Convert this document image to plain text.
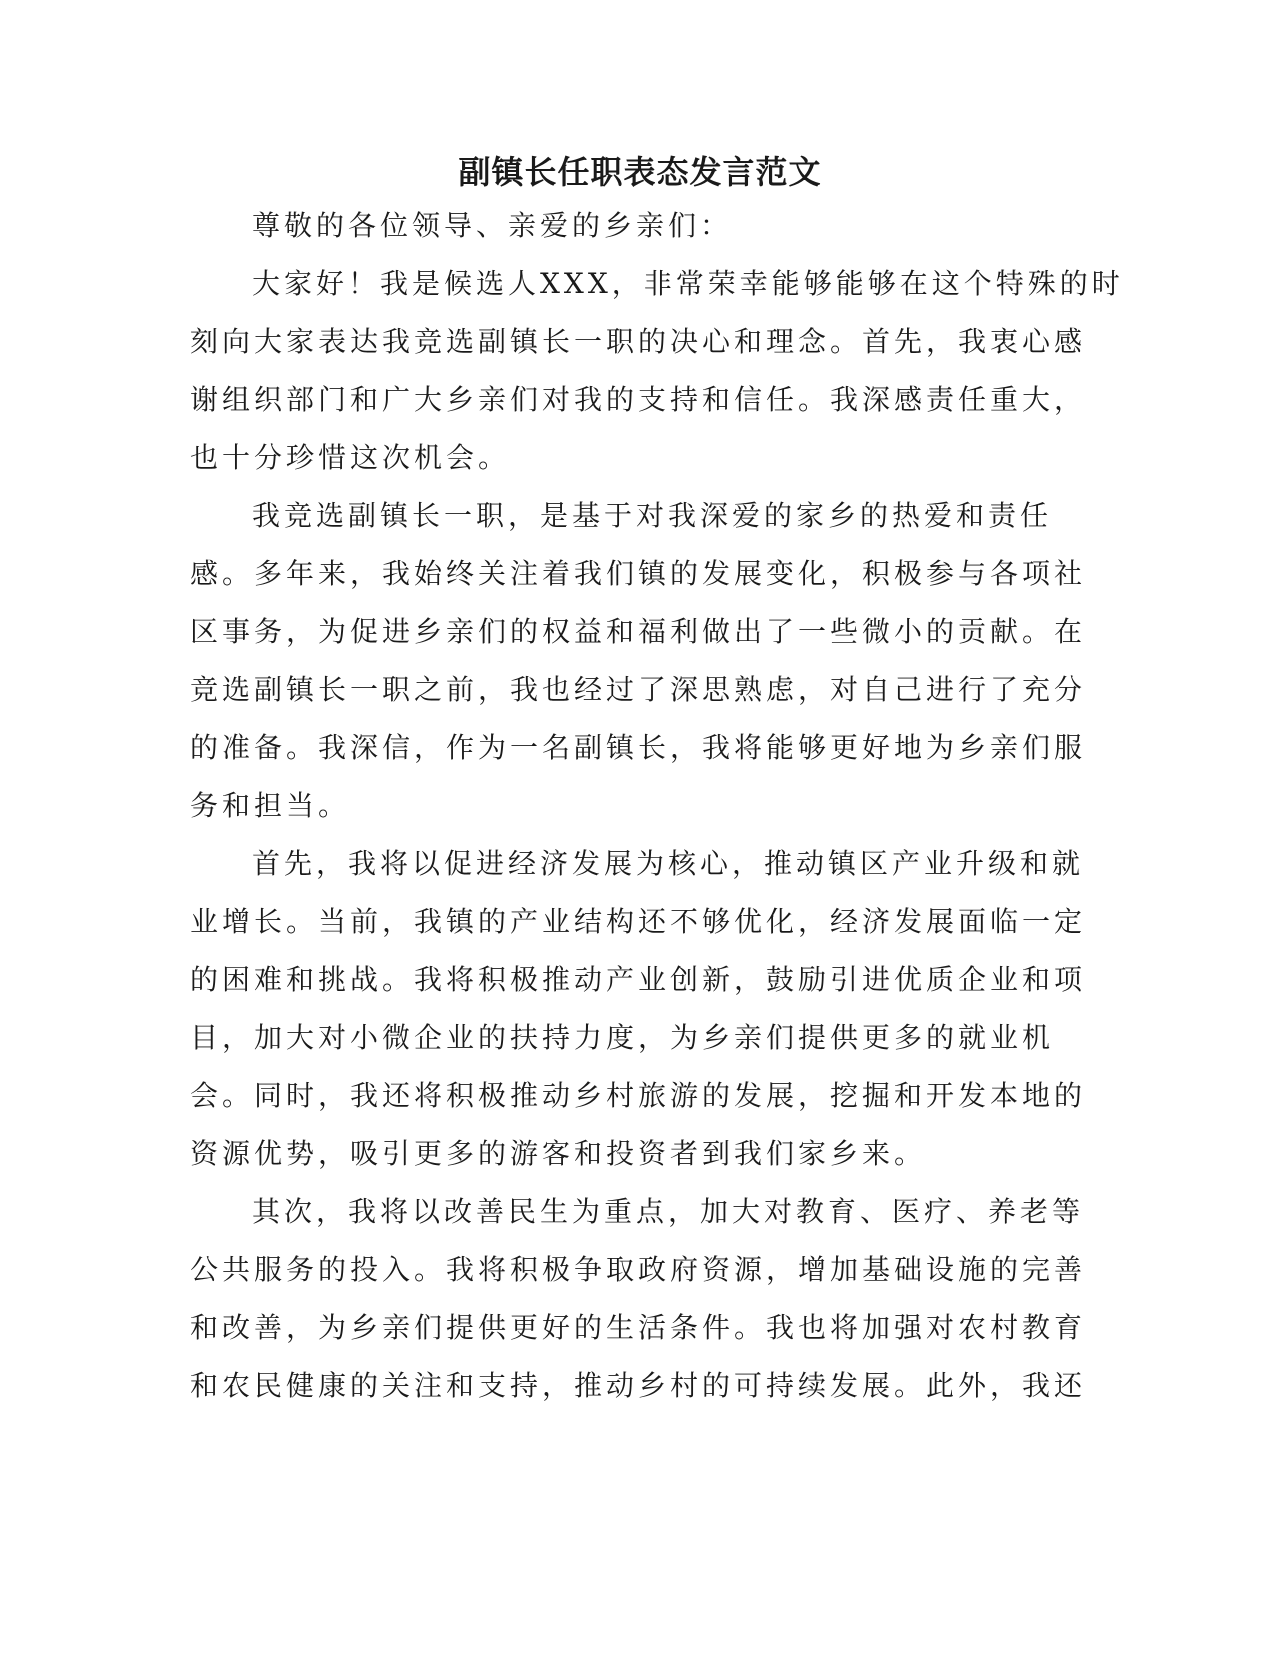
副镇长任职表态发言范文
尊敬的各位领导、亲爱的乡亲们：
大家好！我是候选人XXX，非常荣幸能够能够在这个特殊的时
刻向大家表达我竞选副镇长一职的决心和理念。首先，我衷心感
谢组织部门和广大乡亲们对我的支持和信任。我深感责任重大，
也十分珍惜这次机会。
我竞选副镇长一职，是基于对我深爱的家乡的热爱和责任
感。多年来，我始终关注着我们镇的发展变化，积极参与各项社
区事务，为促进乡亲们的权益和福利做出了一些微小的贡献。在
竞选副镇长一职之前，我也经过了深思熟虑，对自己进行了充分
的准备。我深信，作为一名副镇长，我将能够更好地为乡亲们服
务和担当。
首先，我将以促进经济发展为核心，推动镇区产业升级和就
业增长。当前，我镇的产业结构还不够优化，经济发展面临一定
的困难和挑战。我将积极推动产业创新，鼓励引进优质企业和项
目，加大对小微企业的扶持力度，为乡亲们提供更多的就业机
会。同时，我还将积极推动乡村旅游的发展，挖掘和开发本地的
资源优势，吸引更多的游客和投资者到我们家乡来。
其次，我将以改善民生为重点，加大对教育、医疗、养老等
公共服务的投入。我将积极争取政府资源，增加基础设施的完善
和改善，为乡亲们提供更好的生活条件。我也将加强对农村教育
和农民健康的关注和支持，推动乡村的可持续发展。此外，我还
